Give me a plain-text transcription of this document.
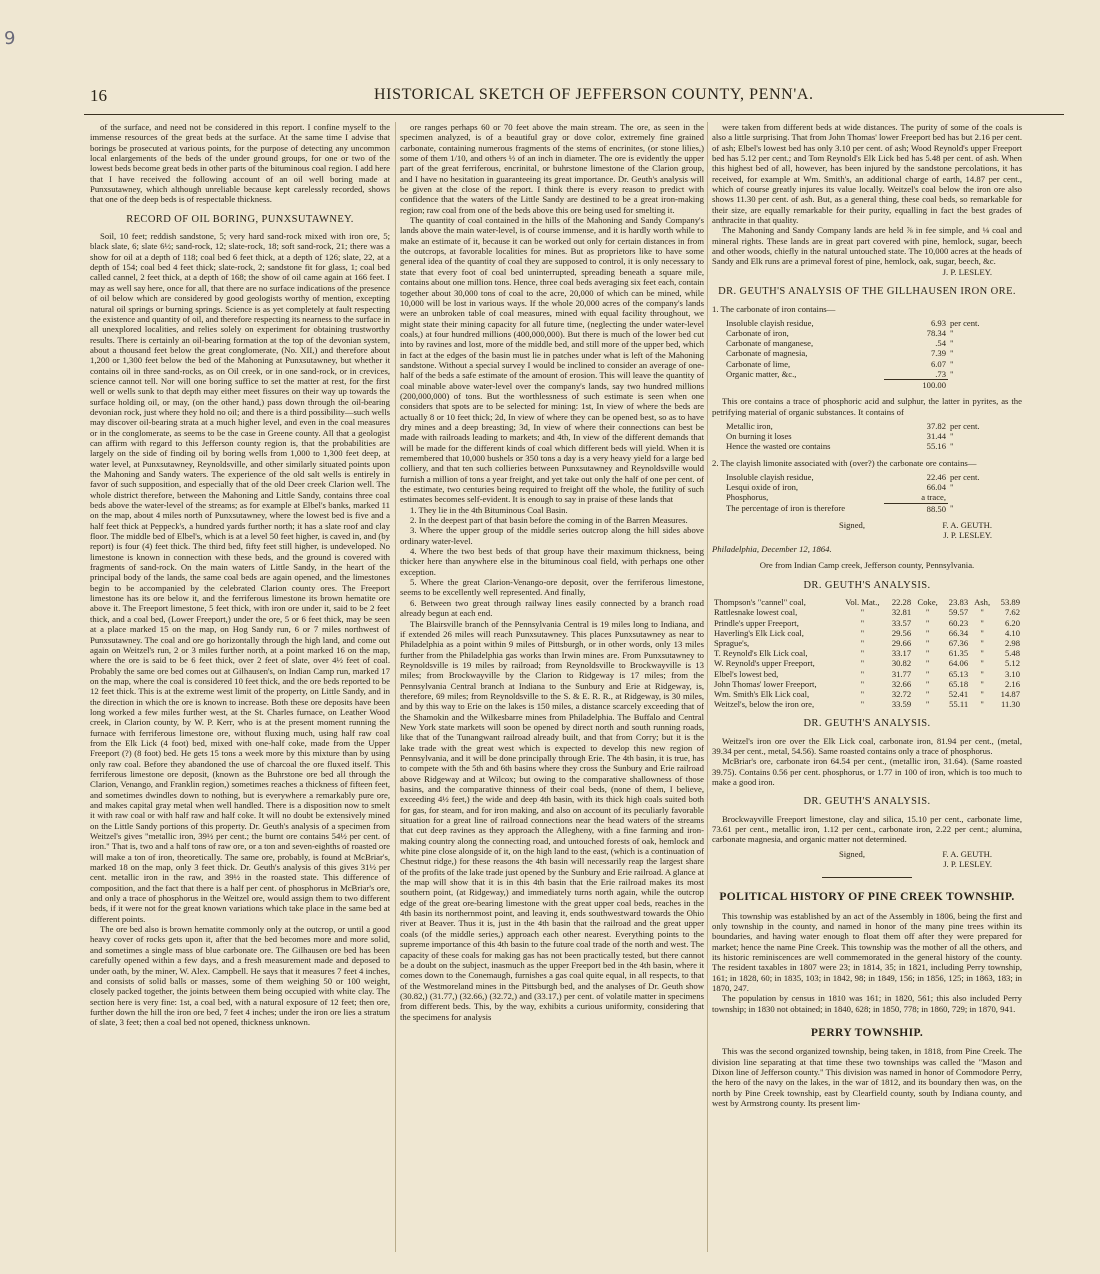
9
16	HISTORICAL SKETCH OF JEFFERSON COUNTY, PENN'A.

of the surface, and need not be considered in this report. I confine myself to the immense resources of the great beds at the surface. At the same time I advise that borings be prosecuted at various points, for the purpose of detecting any uncommon local enlargements of the beds of the under ground groups, for one or two of the lowest beds become great beds in other parts of the bituminous coal region. I add here that I have received the following account of an oil well boring made at Punxsutawney, which although unreliable because kept carelessly recorded, shows that one of the deep beds is of respectable thickness.

RECORD OF OIL BORING, PUNXSUTAWNEY.

Soil, 10 feet; reddish sandstone, 5; very hard sand-rock mixed with iron ore, 5; black slate, 6; slate 6½; sand-rock, 12; slate-rock, 18; soft sand-rock, 21; there was a show for oil at a depth of 118; coal bed 6 feet thick, at a depth of 126; slate, 22, at a depth of 154; coal bed 4 feet thick; slate-rock, 2; sandstone fit for glass, 1; coal bed called cannel, 2 feet thick, at a depth of 168; the show of oil came again at 166 feet. I may as well say here, once for all, that there are no surface indications of the presence of oil below which are considered by good geologists worthy of mention, excepting natural oil springs or burning springs. Science is as yet completely at fault respecting the existence and quantity of oil, and therefore respecting its nearness to the surface in all unexplored localities, and relies solely on experiment for obtaining trustworthy results. There is certainly an oil-bearing formation at the top of the devonian system, about a thousand feet below the great conglomerate, (No. XII,) and therefore about 1,200 or 1,300 feet below the bed of the Mahoning at Punxsutawney, but whether it contains oil in three sand-rocks, as on Oil creek, or in one sand-rock, or in crevices, science cannot tell. Nor will one boring suffice to set the matter at rest, for the first well or wells sunk to that depth may either meet fissures on their way up towards the surface holding oil, or may, (on the other hand,) pass down through the oil-bearing devonian rock, just where they hold no oil; and there is a third possibility—such wells may discover oil-bearing strata at a much higher level, and even in the coal measures or in the conglomerate, as seems to be the case in Greene county. All that a geologist can affirm with regard to this Jefferson county region is, that the probabilities are largely on the side of finding oil by boring wells from 1,000 to 1,300 feet deep, at water level, at Punxsutawney, Reynoldsville, and other similarly situated points upon the Mahoning and Sandy waters. The experience of the old salt wells is entirely in favor of such supposition, and especially that of the old Deer creek Clarion well. The whole district therefore, between the Mahoning and Little Sandy, contains three coal beds above the water-level of the streams; as for example at Elbel's banks, marked 11 on the map, about 4 miles north of Punxsutawney, where the lowest bed is five and a half feet thick at Peppeck's, a hundred yards further north; it has a slate roof and clay floor. The middle bed of Elbel's, which is at a level 50 feet higher, is caved in, and (by report) is four (4) feet thick. The third bed, fifty feet still higher, is undeveloped. No limestone is known in connection with these beds, and the ground is covered with fragments of sand-rock. On the main waters of Little Sandy, in the heart of the principal body of the lands, the same coal beds are again opened, and the limestones begin to be accompanied by the celebrated Clarion county ores. The Freeport limestone has its ore below it, and the ferriferous limestone its brown hematite ore above it. The Freeport limestone, 5 feet thick, with iron ore under it, said to be 2 feet thick, and a coal bed, (Lower Freeport,) under the ore, 5 or 6 feet thick, may be seen at a place marked 15 on the map, on Hog Sandy run, 6 or 7 miles northwest of Punxsutawney. The coal and ore go horizontally through the high land, and come out again on Weitzel's run, 2 or 3 miles further north, at a point marked 16 on the map, where the ore is said to be 6 feet thick, over 2 feet of slate, over 4½ feet of coal. Probably the same ore bed comes out at Gilhausen's, on Indian Camp run, marked 17 on the map, where the coal is considered 10 feet thick, and the ore beds reported to be 12 feet thick. This is at the extreme west limit of the property, on Little Sandy, and in the direction in which the ore is known to increase. Both these ore deposits have been long worked a few miles further west, at the St. Charles furnace, on Leather Wood creek, in Clarion county, by W. P. Kerr, who is at the present moment running the furnace with ferriferous limestone ore, without fluxing much, using half raw coal from the Elk Lick (4 foot) bed, mixed with one-half coke, made from the Upper Freeport (?) (8 foot) bed. He gets 15 tons a week more by this mixture than by using only raw coal. Before they abandoned the use of charcoal the ore fluxed itself. This ferriferous limestone ore deposit, (known as the Buhrstone ore bed all through the Clarion, Venango, and Franklin region,) sometimes reaches a thickness of fifteen feet, and sometimes dwindles down to nothing, but is everywhere a remarkably pure ore, and makes capital gray metal when well handled. There is a disposition now to smelt it with raw coal or with half raw and half coke. It will no doubt be extensively mined on the Little Sandy portions of this property. Dr. Geuth's analysis of a specimen from Weitzel's gives "metallic iron, 39½ per cent.; the burnt ore contains 54½ per cent. of iron." That is, two and a half tons of raw ore, or a ton and seven-eighths of roasted ore will make a ton of iron, theoretically. The same ore, probably, is found at McBriar's, marked 18 on the map, only 3 feet thick. Dr. Geuth's analysis of this gives 31½ per cent. metallic iron in the raw, and 39½ in the roasted state. This difference of composition, and the fact that there is a half per cent. of phosphorus in McBriar's ore, and only a trace of phosphorus in the Weitzel ore, would assign them to two different beds, if it were not for the great known variations which take place in the same bed at different points.

The ore bed also is brown hematite commonly only at the outcrop, or until a good heavy cover of rocks gets upon it, after that the bed becomes more and more solid, and sometimes a single mass of blue carbonate ore. The Gilhausen ore bed has been carefully opened within a few days, and a fresh measurement made and deposed to under oath, by the miner, W. Alex. Campbell. He says that it measures 7 feet 4 inches, and consists of solid balls or masses, some of them weighing 50 or 100 weight, closely packed together, the joints between them being occupied with white clay. The section here is very fine: 1st, a coal bed, with a natural exposure of 12 feet; then ore, further down the hill the iron ore bed, 7 feet 4 inches; under the iron ore lies a stratum of slate, 3 feet; then a coal bed not opened, thickness unknown.

ore ranges perhaps 60 or 70 feet above the main stream. The ore, as seen in the specimen analyzed, is of a beautiful gray or dove color, extremely fine grained carbonate, containing numerous fragments of the stems of encrinites, (or stone lilies,) some of them 1/10, and others ½ of an inch in diameter. The ore is evidently the upper part of the great ferriferous, encrinital, or buhrstone limestone of the Clarion group, and I have no hesitation in guaranteeing its great importance. Dr. Geuth's analysis will be given at the close of the report. I think there is every reason to predict with confidence that the waters of the Little Sandy are destined to be a great iron-making region; raw coal from one of the beds above this ore being used for smelting it.

The quantity of coal contained in the hills of the Mahoning and Sandy Company's lands above the main water-level, is of course immense, and it is hardly worth while to make an estimate of it, because it can be worked out only for certain distances in from the outcrops, at favorable localities for mines. But as proprietors like to have some general idea of the quantity of coal they are supposed to control, it is only necessary to state that every foot of coal bed uninterrupted, spreading beneath a square mile, contains about one million tons. Hence, three coal beds averaging six feet each, contain together about 30,000 tons of coal to the acre, 20,000 of which can be mined, while 10,000 will be lost in various ways. If the whole 20,000 acres of the company's lands were an unbroken table of coal measures, mined with equal facility throughout, we might state their mining capacity for all future time, (neglecting the under water-level coals,) at four hundred millions (400,000,000). But there is much of the lower bed cut into by ravines and lost, more of the middle bed, and still more of the upper bed, which in fact at the edges of the basin must lie in patches under what is left of the Mahoning sandstone. Without a special survey I would be inclined to consider an average of one-half of the beds a safe estimate of the amount of erosion. This will leave the quantity of coal minable above water-level over the company's lands, say two hundred millions (200,000,000) of tons. But the worthlessness of such estimate is seen when one considers that spots are to be selected for mining: 1st, In view of where the beds are actually 8 or 10 feet thick; 2d, In view of where they can be opened best, so as to have dry mines and a deep breasting; 3d, In view of where their connections can best be made with railroads leading to markets; and 4th, In view of the different demands that will be made for the different kinds of coal which different beds will yield. When it is remembered that 10,000 bushels or 350 tons a day is a very heavy yield for a large bed colliery, and that ten such collieries between Punxsutawney and Reynoldsville would furnish a million of tons a year freight, and yet take out only the half of one per cent. of the estimate, two centuries being required to freight off the whole, the futility of such estimates becomes self-evident. It is enough to say in praise of these lands that

1. They lie in the 4th Bituminous Coal Basin.

2. In the deepest part of that basin before the coming in of the Barren Measures.

3. Where the upper group of the middle series outcrop along the hill sides above ordinary water-level.

4. Where the two best beds of that group have their maximum thickness, being thicker here than anywhere else in the bituminous coal field, with perhaps one other exception.

5. Where the great Clarion-Venango-ore deposit, over the ferriferous limestone, seems to be excellently well represented. And finally,

6. Between two great through railway lines easily connected by a branch road already begun at each end.

The Blairsville branch of the Pennsylvania Central is 19 miles long to Indiana, and if extended 26 miles will reach Punxsutawney. This places Punxsutawney as near to Philadelphia as a point within 9 miles of Pittsburgh, or in other words, only 13 miles further from the Philadelphia gas works than Irwin mines are. From Punxsutawney to Reynoldsville is 19 miles by railroad; from Reynoldsville to Brockwayville is 13 miles; from Brockwayville by the Clarion to Ridgeway is 17 miles; from the Pennsylvania Central branch at Indiana to the Sunbury and Erie at Ridgeway, is, therefore, 69 miles; from Reynoldsville to the S. & E. R. R., at Ridgeway, is 30 miles, and by this way to Erie on the lakes is 150 miles, a distance scarcely exceeding that of the Shamokin and the Wilkesbarre mines from Philadelphia. The Buffalo and Central New York state markets will soon be opened by direct north and south running roads, like that of the Tunangwant railroad already built, and that from Corry; but it is the lake trade with the great west which is expected to develop this new region of Pennsylvania, and it will be done principally through Erie. The 4th basin, it is true, has to compete with the 5th and 6th basins where they cross the Sunbury and Erie railroad above Ridgeway and at Wilcox; but owing to the comparative shallowness of those basins, and the comparative thinness of their coal beds, (none of them, I believe, exceeding 4½ feet,) the wide and deep 4th basin, with its thick high coals suited both for gas, for steam, and for iron making, and also on account of its peculiarly favorable situation for a great line of railroad connections near the head waters of the streams that cut deep ravines as they approach the Allegheny, with a fine farming and iron-making country along the connecting road, and untouched forests of oak, hemlock and white pine close alongside of it, on the high land to the east, (which is a continuation of Chestnut ridge,) for these reasons the 4th basin will necessarily reap the largest share of the profits of the lake trade just opened by the Sunbury and Erie railroad. A glance at the map will show that it is in this 4th basin that the Erie railroad makes its most southern point, (at Ridgeway,) and immediately turns north again, while the outcrop edge of the great ore-bearing limestone with the great upper coal beds, reaches in the 4th basin its northernmost point, and leaving it, ends southwestward towards the Ohio river at Beaver. Thus it is, just in the 4th basin that the railroad and the great upper coals (of the middle series,) approach each other nearest. Everything points to the supreme importance of this 4th basin to the future coal trade of the north and west. The capacity of these coals for making gas has not been practically tested, but there cannot be a doubt on the subject, inasmuch as the upper Freeport bed in the 4th basin, where it comes down to the Conemaugh, furnishes a gas coal quite equal, in all respects, to that of the Westmoreland mines in the Pittsburgh bed, and the analyses of Dr. Geuth show (30.82,) (31.77,) (32.66,) (32.72,) and (33.17,) per cent. of volatile matter in specimens from different beds. This, by the way, exhibits a curious uniformity, considering that the specimens for analysis

were taken from different beds at wide distances. The purity of some of the coals is also a little surprising. That from John Thomas' lower Freeport bed has but 2.16 per cent. of ash; Elbel's lowest bed has only 3.10 per cent. of ash; Wood Reynold's upper Freeport bed has 5.12 per cent.; and Tom Reynold's Elk Lick bed has 5.48 per cent. of ash. When this highest bed of all, however, has been injured by the sandstone percolations, it has received, for example at Wm. Smith's, an additional charge of earth, 14.87 per cent., which of course greatly injures its value locally. Weitzel's coal below the iron ore also shows 11.30 per cent. of ash. But, as a general thing, these coal beds, so remarkable for their size, are equally remarkable for their purity, equalling in fact the best grades of anthracite in that quality.

The Mahoning and Sandy Company lands are held ⅞ in fee simple, and ⅛ coal and mineral rights. These lands are in great part covered with pine, hemlock, sugar, beech and other woods, chiefly in the natural untouched state. The 10,000 acres at the heads of Sandy and Elk runs are a primeval forest of pine, hemlock, oak, sugar, beech, &c.

J. P. LESLEY.
DR. GEUTH'S ANALYSIS OF THE GILLHAUSEN IRON ORE.
1. The carbonate of iron contains—
Insoluble clayish residue,	6.93	per cent.
Carbonate of iron,	78.34	"
Carbonate of manganese,	.54	"
Carbonate of magnesia,	7.39	"
Carbonate of lime,	6.07	"
Organic matter, &c.,	.73	"
	100.00	

This ore contains a trace of phosphoric acid and sulphur, the latter in pyrites, as the petrifying material of organic substances. It contains of

Metallic iron,	37.82	per cent.
On burning it loses	31.44	"
Hence the wasted ore contains	55.16	"
2. The clayish limonite associated with (over?) the carbonate ore contains—
Insoluble clayish residue,	22.46	per cent.
Lesqui oxide of iron,	66.04	"
Phosphorus,	a trace,	
The percentage of iron is therefore	88.50	"
Signed,	F. A. GEUTH.
	J. P. LESLEY.

Philadelphia, December 12, 1864.

Ore from Indian Camp creek, Jefferson county, Pennsylvania.

DR. GEUTH'S ANALYSIS.
Thompson's "cannel" coal,	Vol. Mat.,	22.28	Coke,	23.83	Ash,	53.89
Rattlesnake lowest coal,	"	32.81	"	59.57	"	7.62
Prindle's upper Freeport,	"	33.57	"	60.23	"	6.20
Haverling's Elk Lick coal,	"	29.56	"	66.34	"	4.10
Sprague's,	"	29.66	"	67.36	"	2.98
T. Reynold's Elk Lick coal,	"	33.17	"	61.35	"	5.48
W. Reynold's upper Freeport,	"	30.82	"	64.06	"	5.12
Elbel's lowest bed,	"	31.77	"	65.13	"	3.10
John Thomas' lower Freeport,	"	32.66	"	65.18	"	2.16
Wm. Smith's Elk Lick coal,	"	32.72	"	52.41	"	14.87
Weitzel's, below the iron ore,	"	33.59	"	55.11	"	11.30
DR. GEUTH'S ANALYSIS.

Weitzel's iron ore over the Elk Lick coal, carbonate iron, 81.94 per cent., (metal, 39.34 per cent., metal, 54.56). Same roasted contains only a trace of phosphorus.

McBriar's ore, carbonate iron 64.54 per cent., (metallic iron, 31.64). (Same roasted 39.75). Contains 0.56 per cent. phosphorus, or 1.77 in 100 of iron, which is too much to make a good iron.

DR. GEUTH'S ANALYSIS.

Brockwayville Freeport limestone, clay and silica, 15.10 per cent., carbonate lime, 73.61 per cent., metallic iron, 1.12 per cent., carbonate iron, 2.22 per cent.; alumina, carbonate magnesia, and organic matter not determined.

Signed,	F. A. GEUTH.
	J. P. LESLEY.
POLITICAL HISTORY OF PINE CREEK TOWNSHIP.

This township was established by an act of the Assembly in 1806, being the first and only township in the county, and named in honor of the many pine trees within its boundaries, and having water enough to float them off after they were prepared for market; hence the name Pine Creek. This township was the mother of all the others, and its historic reminiscences are well commemorated in the general history of the county. The resident taxables in 1807 were 23; in 1814, 35; in 1821, including Perry township, 161; in 1828, 60; in 1835, 103; in 1842, 98; in 1849, 156; in 1856, 125; in 1863, 183; in 1870, 247.

The population by census in 1810 was 161; in 1820, 561; this also included Perry township; in 1830 not obtained; in 1840, 628; in 1850, 778; in 1860, 729; in 1870, 941.

PERRY TOWNSHIP.

This was the second organized township, being taken, in 1818, from Pine Creek. The division line separating at that time these two townships was called the "Mason and Dixon line of Jefferson county." This division was named in honor of Commodore Perry, the hero of the navy on the lakes, in the war of 1812, and its boundary then was, on the north by Pine Creek township, east by Clearfield county, south by Indiana county, and west by Armstrong county. Its present lim-
